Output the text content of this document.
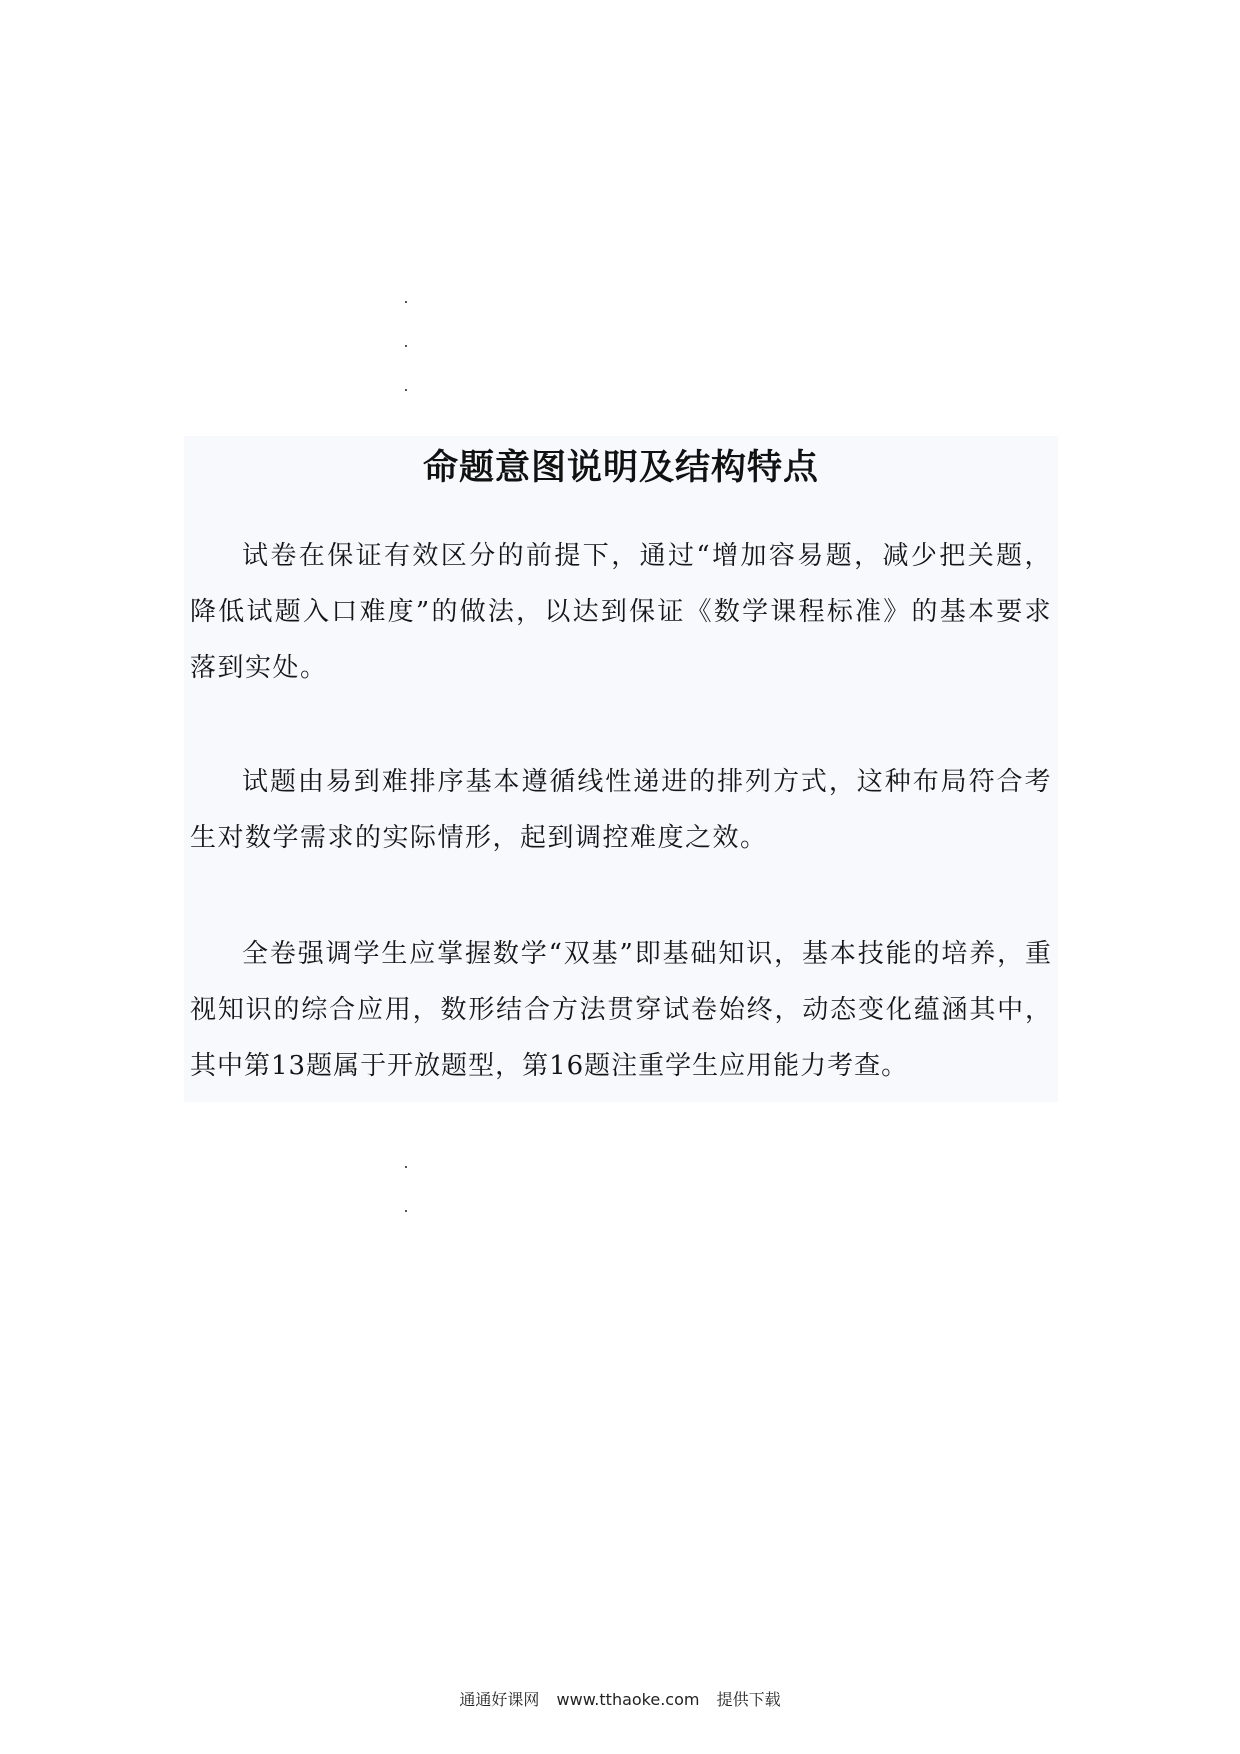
命题意图说明及结构特点

试卷在保证有效区分的前提下，通过“增加容易题，减少把关题，降低试题入口难度”的做法，以达到保证《数学课程标准》的基本要求落到实处。

试题由易到难排序基本遵循线性递进的排列方式，这种布局符合考生对数学需求的实际情形，起到调控难度之效。

全卷强调学生应掌握数学“双基”即基础知识，基本技能的培养，重视知识的综合应用，数形结合方法贯穿试卷始终，动态变化蕴涵其中，其中第13题属于开放题型，第16题注重学生应用能力考查。

通通好课网 www.tthaoke.com 提供下载
